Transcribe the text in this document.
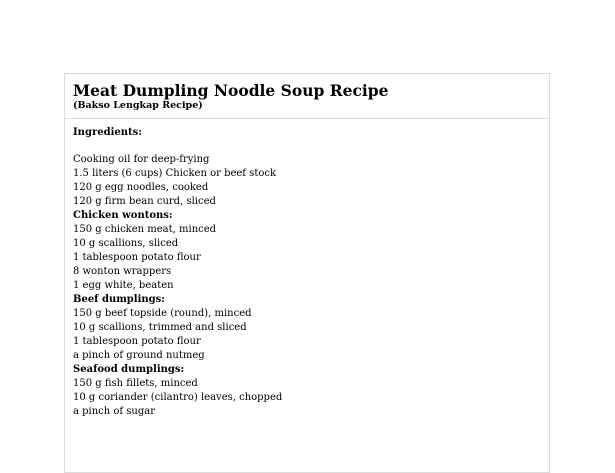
Meat Dumpling Noodle Soup Recipe
(Bakso Lengkap Recipe)
Ingredients:
Cooking oil for deep-frying
1.5 liters (6 cups) Chicken or beef stock
120 g egg noodles, cooked
120 g firm bean curd, sliced
Chicken wontons:
150 g chicken meat, minced
10 g scallions, sliced
1 tablespoon potato flour
8 wonton wrappers
1 egg white, beaten
Beef dumplings:
150 g beef topside (round), minced
10 g scallions, trimmed and sliced
1 tablespoon potato flour
a pinch of ground nutmeg
Seafood dumplings:
150 g fish fillets, minced
10 g coriander (cilantro) leaves, chopped
a pinch of sugar
